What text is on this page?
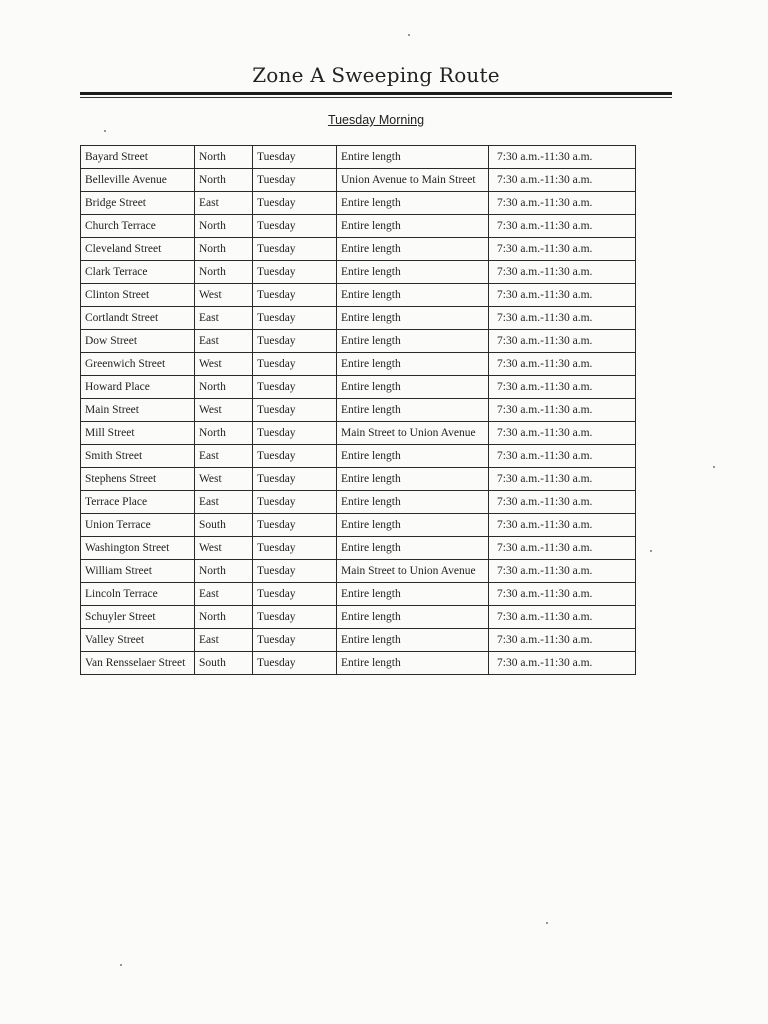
Zone A Sweeping Route
Tuesday Morning
Bayard Street	North	Tuesday	Entire length	7:30 a.m.-11:30 a.m.
Belleville Avenue	North	Tuesday	Union Avenue to Main Street	7:30 a.m.-11:30 a.m.
Bridge Street	East	Tuesday	Entire length	7:30 a.m.-11:30 a.m.
Church Terrace	North	Tuesday	Entire length	7:30 a.m.-11:30 a.m.
Cleveland Street	North	Tuesday	Entire length	7:30 a.m.-11:30 a.m.
Clark Terrace	North	Tuesday	Entire length	7:30 a.m.-11:30 a.m.
Clinton Street	West	Tuesday	Entire length	7:30 a.m.-11:30 a.m.
Cortlandt Street	East	Tuesday	Entire length	7:30 a.m.-11:30 a.m.
Dow Street	East	Tuesday	Entire length	7:30 a.m.-11:30 a.m.
Greenwich Street	West	Tuesday	Entire length	7:30 a.m.-11:30 a.m.
Howard Place	North	Tuesday	Entire length	7:30 a.m.-11:30 a.m.
Main Street	West	Tuesday	Entire length	7:30 a.m.-11:30 a.m.
Mill Street	North	Tuesday	Main Street to Union Avenue	7:30 a.m.-11:30 a.m.
Smith Street	East	Tuesday	Entire length	7:30 a.m.-11:30 a.m.
Stephens Street	West	Tuesday	Entire length	7:30 a.m.-11:30 a.m.
Terrace Place	East	Tuesday	Entire length	7:30 a.m.-11:30 a.m.
Union Terrace	South	Tuesday	Entire length	7:30 a.m.-11:30 a.m.
Washington Street	West	Tuesday	Entire length	7:30 a.m.-11:30 a.m.
William Street	North	Tuesday	Main Street to Union Avenue	7:30 a.m.-11:30 a.m.
Lincoln Terrace	East	Tuesday	Entire length	7:30 a.m.-11:30 a.m.
Schuyler Street	North	Tuesday	Entire length	7:30 a.m.-11:30 a.m.
Valley Street	East	Tuesday	Entire length	7:30 a.m.-11:30 a.m.
Van Rensselaer Street	South	Tuesday	Entire length	7:30 a.m.-11:30 a.m.
